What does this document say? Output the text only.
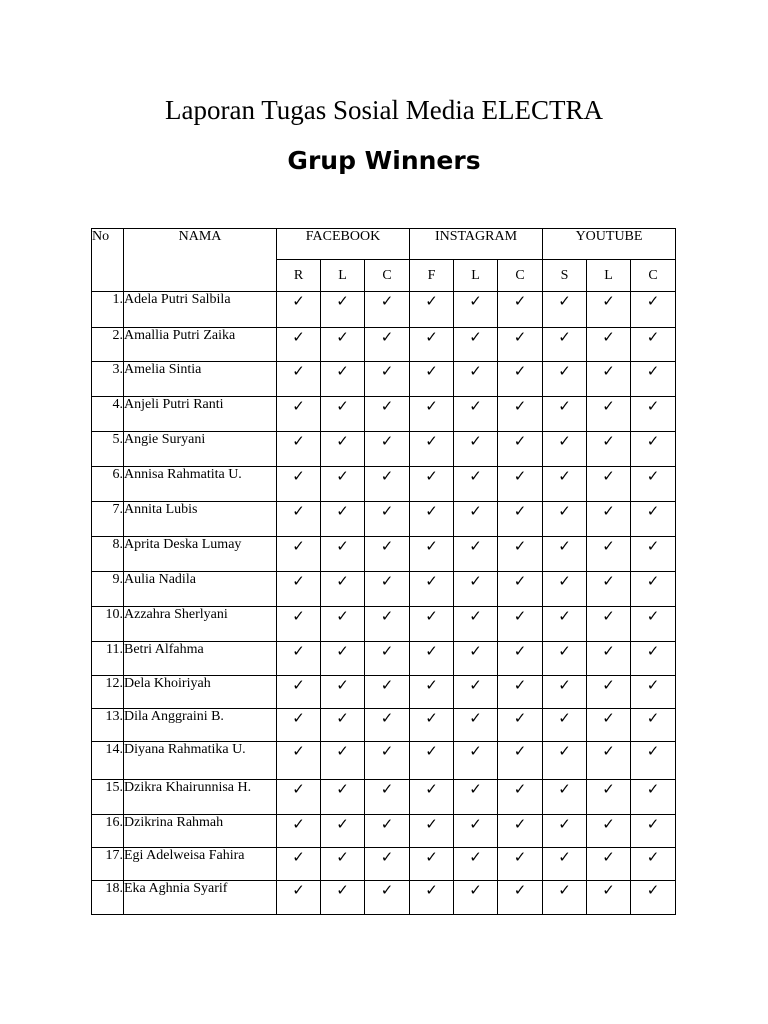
Laporan Tugas Sosial Media ELECTRA
Grup Winners
No	NAMA	FACEBOOK			INSTAGRAM			YOUTUBE		
		R	L	C	F	L	C	S	L	C
1.	Adela Putri Salbila	✓	✓	✓	✓	✓	✓	✓	✓	✓
2.	Amallia Putri Zaika	✓	✓	✓	✓	✓	✓	✓	✓	✓
3.	Amelia Sintia	✓	✓	✓	✓	✓	✓	✓	✓	✓
4.	Anjeli Putri Ranti	✓	✓	✓	✓	✓	✓	✓	✓	✓
5.	Angie Suryani	✓	✓	✓	✓	✓	✓	✓	✓	✓
6.	Annisa Rahmatita U.	✓	✓	✓	✓	✓	✓	✓	✓	✓
7.	Annita Lubis	✓	✓	✓	✓	✓	✓	✓	✓	✓
8.	Aprita Deska Lumay	✓	✓	✓	✓	✓	✓	✓	✓	✓
9.	Aulia Nadila	✓	✓	✓	✓	✓	✓	✓	✓	✓
10.	Azzahra Sherlyani	✓	✓	✓	✓	✓	✓	✓	✓	✓
11.	Betri Alfahma	✓	✓	✓	✓	✓	✓	✓	✓	✓
12.	Dela Khoiriyah	✓	✓	✓	✓	✓	✓	✓	✓	✓
13.	Dila Anggraini B.	✓	✓	✓	✓	✓	✓	✓	✓	✓
14.	Diyana Rahmatika U.	✓	✓	✓	✓	✓	✓	✓	✓	✓
15.	Dzikra Khairunnisa H.	✓	✓	✓	✓	✓	✓	✓	✓	✓
16.	Dzikrina Rahmah	✓	✓	✓	✓	✓	✓	✓	✓	✓
17.	Egi Adelweisa Fahira	✓	✓	✓	✓	✓	✓	✓	✓	✓
18.	Eka Aghnia Syarif	✓	✓	✓	✓	✓	✓	✓	✓	✓
